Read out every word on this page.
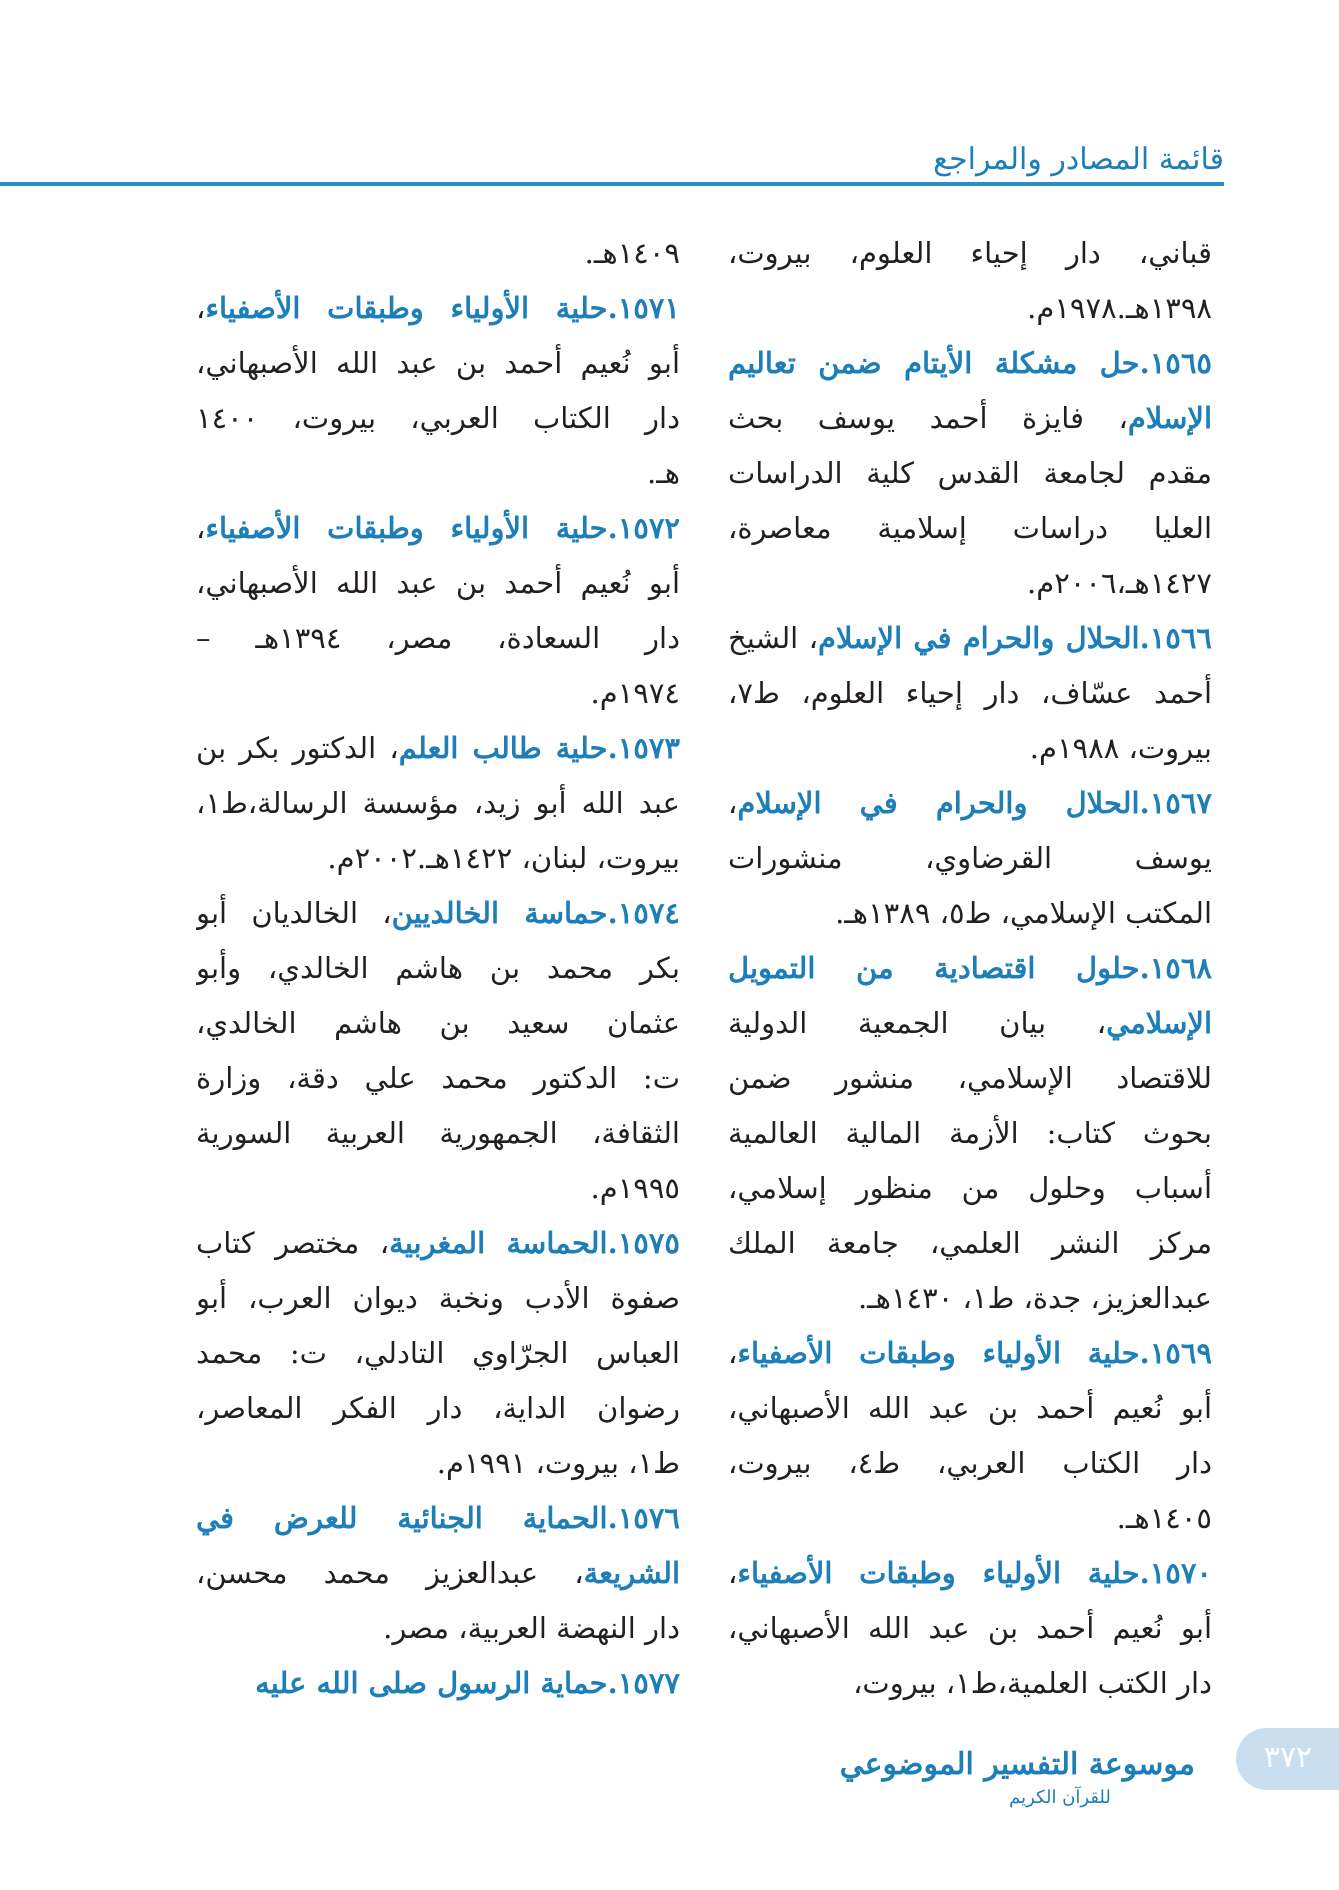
قائمة المصادر والمراجع
قباني، دار إحياء العلوم، بيروت،
١٣٩٨هـ.١٩٧٨م.
١٥٦٥.حل مشكلة الأيتام ضمن تعاليم
الإسلام، فايزة أحمد يوسف بحث
مقدم لجامعة القدس كلية الدراسات
العليا دراسات إسلامية معاصرة،
١٤٢٧هـ،٢٠٠٦م.
١٥٦٦.الحلال والحرام في الإسلام، الشيخ
أحمد عسّاف، دار إحياء العلوم، ط٧،
بيروت، ١٩٨٨م.
١٥٦٧.الحلال والحرام في الإسلام،
يوسف القرضاوي، منشورات
المكتب الإسلامي، ط٥، ١٣٨٩هـ.
١٥٦٨.حلول اقتصادية من التمويل
الإسلامي، بيان الجمعية الدولية
للاقتصاد الإسلامي، منشور ضمن
بحوث كتاب: الأزمة المالية العالمية
أسباب وحلول من منظور إسلامي،
مركز النشر العلمي، جامعة الملك
عبدالعزيز، جدة، ط١، ١٤٣٠هـ.
١٥٦٩.حلية الأولياء وطبقات الأصفياء،
أبو نُعيم أحمد بن عبد الله الأصبهاني،
دار الكتاب العربي، ط٤، بيروت،
١٤٠٥هـ.
١٥٧٠.حلية الأولياء وطبقات الأصفياء،
أبو نُعيم أحمد بن عبد الله الأصبهاني،
دار الكتب العلمية،ط١، بيروت،
١٤٠٩هـ.
١٥٧١.حلية الأولياء وطبقات الأصفياء،
أبو نُعيم أحمد بن عبد الله الأصبهاني،
دار الكتاب العربي، بيروت، ١٤٠٠
هـ.
١٥٧٢.حلية الأولياء وطبقات الأصفياء،
أبو نُعيم أحمد بن عبد الله الأصبهاني،
دار السعادة، مصر، ١٣٩٤هـ –
١٩٧٤م.
١٥٧٣.حلية طالب العلم، الدكتور بكر بن
عبد الله أبو زيد، مؤسسة الرسالة،ط١،
بيروت، لبنان، ١٤٢٢هـ.٢٠٠٢م.
١٥٧٤.حماسة الخالديين، الخالديان أبو
بكر محمد بن هاشم الخالدي، وأبو
عثمان سعيد بن هاشم الخالدي،
ت: الدكتور محمد علي دقة، وزارة
الثقافة، الجمهورية العربية السورية
١٩٩٥م.
١٥٧٥.الحماسة المغربية، مختصر كتاب
صفوة الأدب ونخبة ديوان العرب، أبو
العباس الجرّاوي التادلي، ت: محمد
رضوان الداية، دار الفكر المعاصر،
ط١، بيروت، ١٩٩١م.
١٥٧٦.الحماية الجنائية للعرض في
الشريعة، عبدالعزيز محمد محسن،
دار النهضة العربية، مصر.
١٥٧٧.حماية الرسول صلى الله عليه
٣٧٢
موسوعة التفسير الموضوعي
للقرآن الكريم
